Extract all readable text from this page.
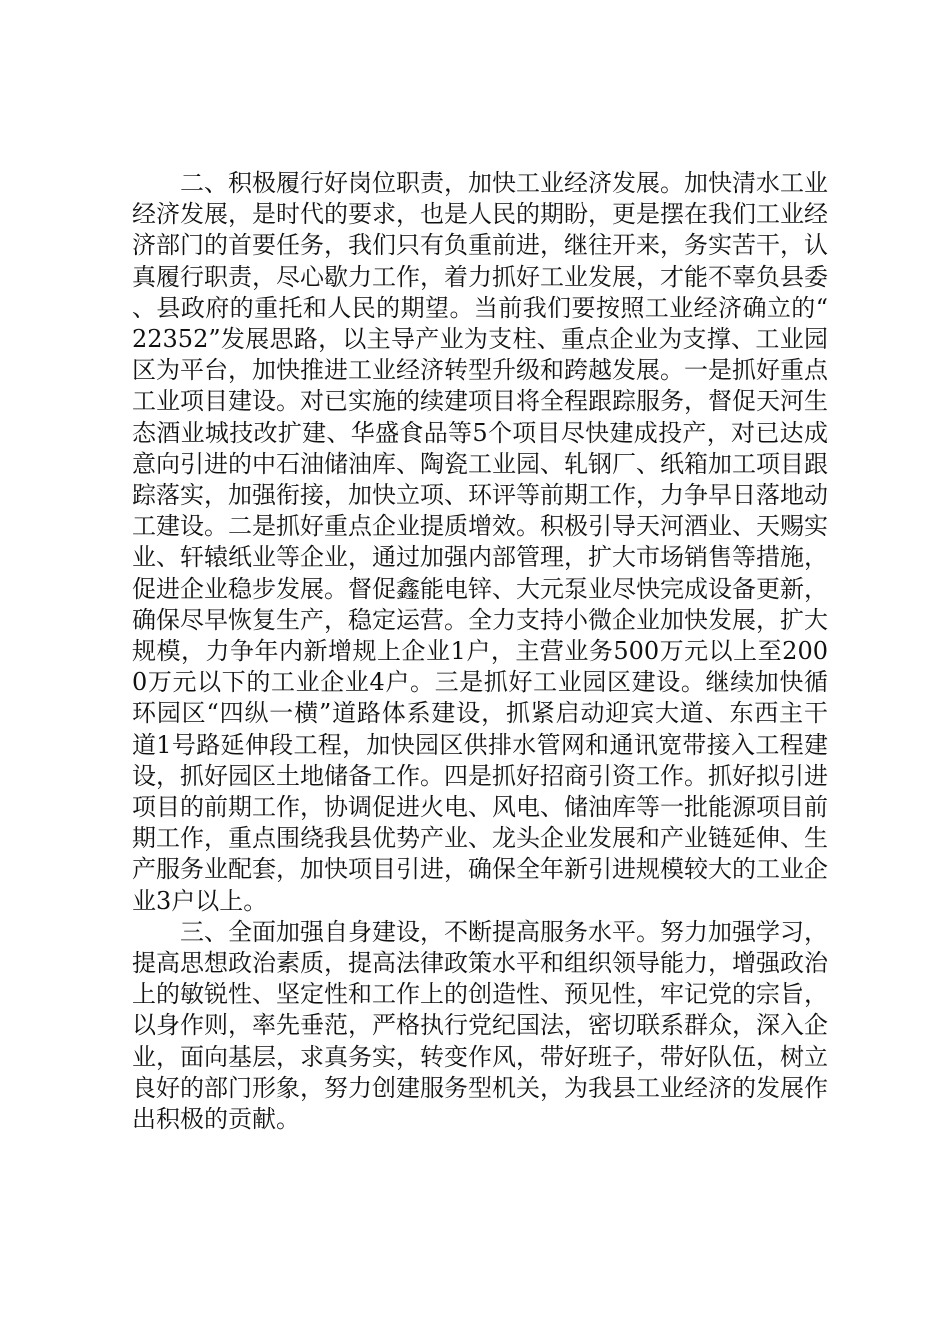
二、积极履行好岗位职责，加快工业经济发展。加快清水工业经济发展，是时代的要求，也是人民的期盼，更是摆在我们工业经济部门的首要任务，我们只有负重前进，继往开来，务实苦干，认真履行职责，尽心歇力工作，着力抓好工业发展，才能不辜负县委、县政府的重托和人民的期望。当前我们要按照工业经济确立的“22352”发展思路，以主导产业为支柱、重点企业为支撑、工业园区为平台，加快推进工业经济转型升级和跨越发展。一是抓好重点工业项目建设。对已实施的续建项目将全程跟踪服务，督促天河生态酒业城技改扩建、华盛食品等5个项目尽快建成投产，对已达成意向引进的中石油储油库、陶瓷工业园、轧钢厂、纸箱加工项目跟踪落实，加强衔接，加快立项、环评等前期工作，力争早日落地动工建设。二是抓好重点企业提质增效。积极引导天河酒业、天赐实业、轩辕纸业等企业，通过加强内部管理，扩大市场销售等措施，促进企业稳步发展。督促鑫能电锌、大元泵业尽快完成设备更新，确保尽早恢复生产，稳定运营。全力支持小微企业加快发展，扩大规模，力争年内新增规上企业1户，主营业务500万元以上至2000万元以下的工业企业4户。三是抓好工业园区建设。继续加快循环园区“四纵一横”道路体系建设，抓紧启动迎宾大道、东西主干道1号路延伸段工程，加快园区供排水管网和通讯宽带接入工程建设，抓好园区土地储备工作。四是抓好招商引资工作。抓好拟引进项目的前期工作，协调促进火电、风电、储油库等一批能源项目前期工作，重点围绕我县优势产业、龙头企业发展和产业链延伸、生产服务业配套，加快项目引进，确保全年新引进规模较大的工业企业3户以上。

三、全面加强自身建设，不断提高服务水平。努力加强学习，提高思想政治素质，提高法律政策水平和组织领导能力，增强政治上的敏锐性、坚定性和工作上的创造性、预见性，牢记党的宗旨，以身作则，率先垂范，严格执行党纪国法，密切联系群众，深入企业，面向基层，求真务实，转变作风，带好班子，带好队伍，树立良好的部门形象，努力创建服务型机关，为我县工业经济的发展作出积极的贡献。
